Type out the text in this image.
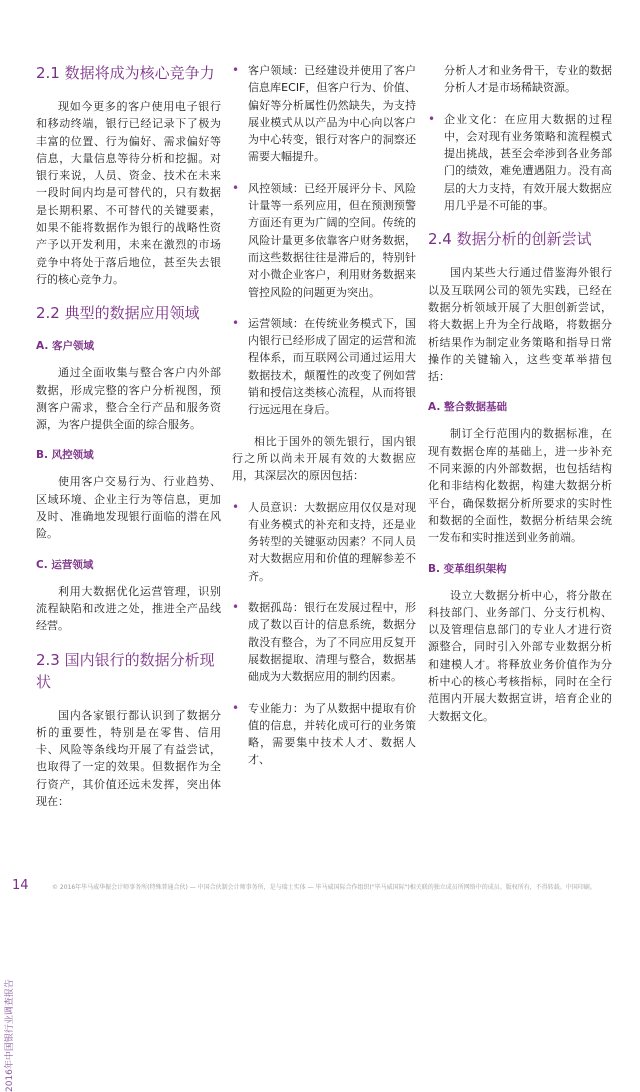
2.1 数据将成为核心竞争力
现如今更多的客户使用电子银行和移动终端，银行已经记录下了极为丰富的位置、行为偏好、需求偏好等信息，大量信息等待分析和挖掘。对银行来说，人员、资金、技术在未来一段时间内均是可替代的，只有数据是长期积累、不可替代的关键要素，如果不能将数据作为银行的战略性资产予以开发利用，未来在激烈的市场竞争中将处于落后地位，甚至失去银行的核心竞争力。
2.2 典型的数据应用领域
A. 客户领域
通过全面收集与整合客户内外部数据，形成完整的客户分析视图，预测客户需求，整合全行产品和服务资源，为客户提供全面的综合服务。
B. 风控领域
使用客户交易行为、行业趋势、区域环境、企业主行为等信息，更加及时、准确地发现银行面临的潜在风险。
C. 运营领域
利用大数据优化运营管理，识别流程缺陷和改进之处，推进全产品线经营。
2.3 国内银行的数据分析现状
国内各家银行都认识到了数据分析的重要性，特别是在零售、信用卡、风险等条线均开展了有益尝试，也取得了一定的效果。但数据作为全行资产，其价值还远未发挥，突出体现在：
• 客户领域：已经建设并使用了客户信息库ECIF，但客户行为、价值、偏好等分析属性仍然缺失，为支持展业模式从以产品为中心向以客户为中心转变，银行对客户的洞察还需要大幅提升。
• 风控领域：已经开展评分卡、风险计量等一系列应用，但在预测预警方面还有更为广阔的空间。传统的风险计量更多依靠客户财务数据，而这些数据往往是滞后的，特别针对小微企业客户，利用财务数据来管控风险的问题更为突出。
• 运营领域：在传统业务模式下，国内银行已经形成了固定的运营和流程体系，而互联网公司通过运用大数据技术，颠覆性的改变了例如营销和授信这类核心流程，从而将银行远远甩在身后。
相比于国外的领先银行，国内银行之所以尚未开展有效的大数据应用，其深层次的原因包括：
• 人员意识：大数据应用仅仅是对现有业务模式的补充和支持，还是业务转型的关键驱动因素？不同人员对大数据应用和价值的理解参差不齐。
• 数据孤岛：银行在发展过程中，形成了数以百计的信息系统，数据分散没有整合，为了不同应用反复开展数据提取、清理与整合，数据基础成为大数据应用的制约因素。
• 专业能力：为了从数据中提取有价值的信息，并转化成可行的业务策略，需要集中技术人才、数据人才、
分析人才和业务骨干，专业的数据分析人才是市场稀缺资源。
• 企业文化：在应用大数据的过程中，会对现有业务策略和流程模式提出挑战，甚至会牵涉到各业务部门的绩效，难免遭遇阻力。没有高层的大力支持，有效开展大数据应用几乎是不可能的事。
2.4 数据分析的创新尝试
国内某些大行通过借鉴海外银行以及互联网公司的领先实践，已经在数据分析领域开展了大胆创新尝试，将大数据上升为全行战略，将数据分析结果作为制定业务策略和指导日常操作的关键输入，这些变革举措包括：
A. 整合数据基础
制订全行范围内的数据标准，在现有数据仓库的基础上，进一步补充不同来源的内外部数据，也包括结构化和非结构化数据，构建大数据分析平台，确保数据分析所要求的实时性和数据的全面性，数据分析结果会统一发布和实时推送到业务前端。
B. 变革组织架构
设立大数据分析中心，将分散在科技部门、业务部门、分支行机构、以及管理信息部门的专业人才进行资源整合，同时引入外部专业数据分析和建模人才。将释放业务价值作为分析中心的核心考核指标，同时在全行范围内开展大数据宣讲，培育企业的大数据文化。
2016年中国银行业调查报告
14	© 2016年毕马威华振会计师事务所(特殊普通合伙) — 中国合伙制会计师事务所，是与瑞士实体 — 毕马威国际合作组织("毕马威国际")相关联的独立成员所网络中的成员。版权所有，不得转载。中国印刷。
